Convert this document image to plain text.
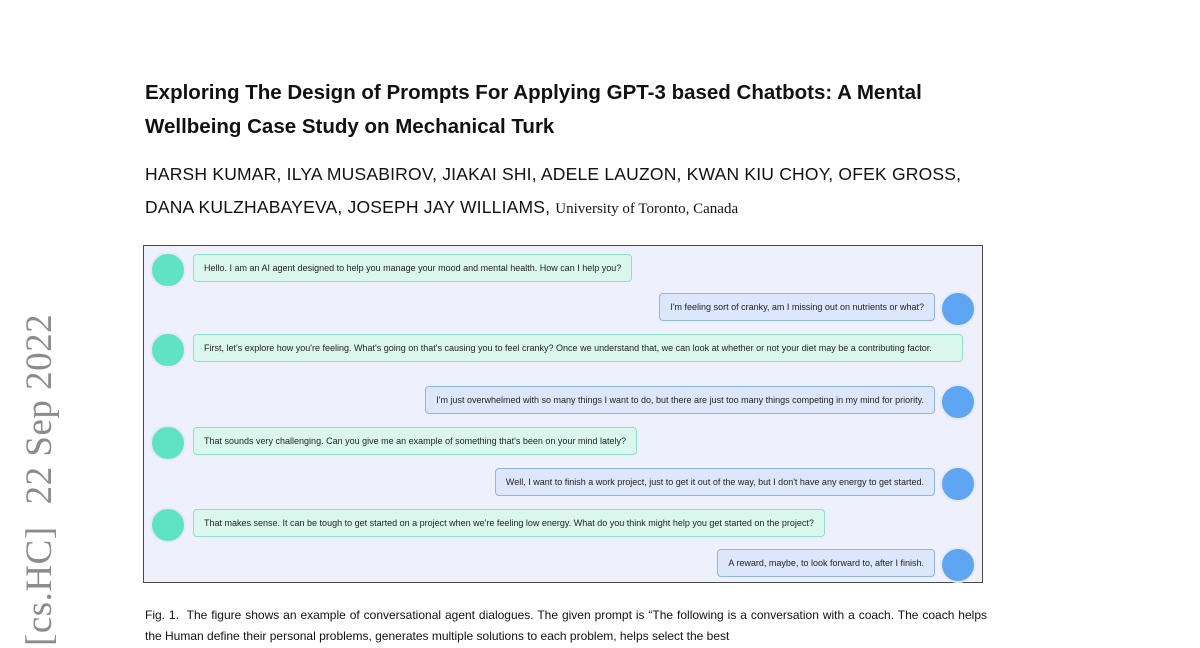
[cs.HC]22 Sep 2022
Exploring The Design of Prompts For Applying GPT-3 based Chatbots: A Mental Wellbeing Case Study on Mechanical Turk

HARSH KUMAR, ILYA MUSABIROV, JIAKAI SHI, ADELE LAUZON, KWAN KIU CHOY, OFEK GROSS, DANA KULZHABAYEVA, JOSEPH JAY WILLIAMS, University of Toronto, Canada

Hello. I am an AI agent designed to help you manage your mood and mental health. How can I help you?
I'm feeling sort of cranky, am I missing out on nutrients or what?
First, let's explore how you're feeling. What's going on that's causing you to feel cranky? Once we understand that, we can look at whether or not your diet may be a contributing factor.
I'm just overwhelmed with so many things I want to do, but there are just too many things competing in my mind for priority.
That sounds very challenging. Can you give me an example of something that's been on your mind lately?
Well, I want to finish a work project, just to get it out of the way, but I don't have any energy to get started.
That makes sense. It can be tough to get started on a project when we're feeling low energy. What do you think might help you get started on the project?
A reward, maybe, to look forward to, after I finish.

Fig. 1. The figure shows an example of conversational agent dialogues. The given prompt is “The following is a conversation with a coach. The coach helps the Human define their personal problems, generates multiple solutions to each problem, helps select the best
